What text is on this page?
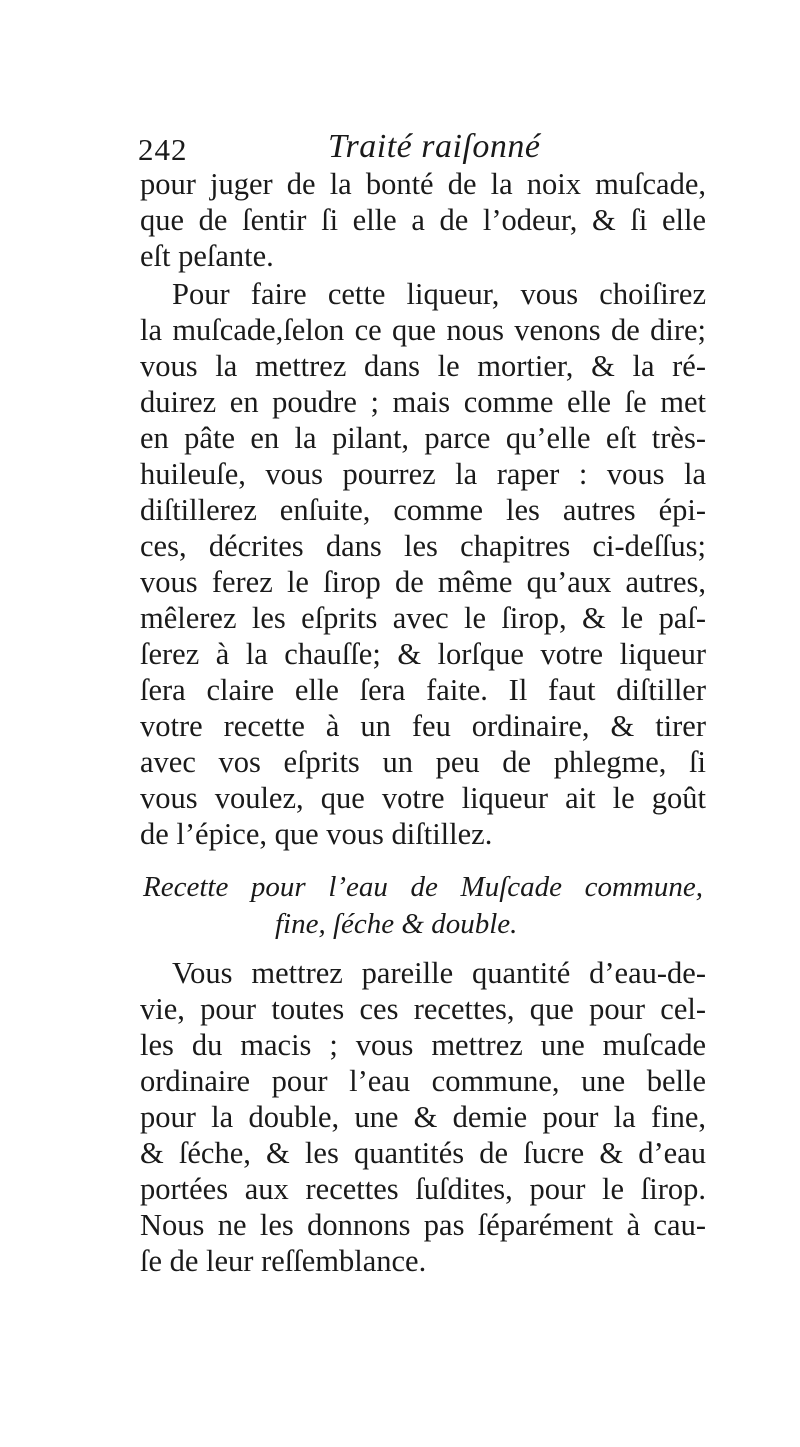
242	Traité raiſonné
pour juger de la bonté de la noix muſcade,
que de ſentir ſi elle a de l’odeur, & ſi elle
eſt peſante.
Pour faire cette liqueur, vous choiſirez
la muſcade,ſelon ce que nous venons de dire;
vous la mettrez dans le mortier, & la ré-
duirez en poudre ; mais comme elle ſe met
en pâte en la pilant, parce qu’elle eſt très-
huileuſe, vous pourrez la raper : vous la
diſtillerez enſuite, comme les autres épi-
ces, décrites dans les chapitres ci-deſſus;
vous ferez le ſirop de même qu’aux autres,
mêlerez les eſprits avec le ſirop, & le paſ-
ſerez à la chauſſe; & lorſque votre liqueur
ſera claire elle ſera faite. Il faut diſtiller
votre recette à un feu ordinaire, & tirer
avec vos eſprits un peu de phlegme, ſi
vous voulez, que votre liqueur ait le goût
de l’épice, que vous diſtillez.
Recette pour l’eau de Muſcade commune,
fine, ſéche & double.
Vous mettrez pareille quantité d’eau-de-
vie, pour toutes ces recettes, que pour cel-
les du macis ; vous mettrez une muſcade
ordinaire pour l’eau commune, une belle
pour la double, une & demie pour la fine,
& ſéche, & les quantités de ſucre & d’eau
portées aux recettes ſuſdites, pour le ſirop.
Nous ne les donnons pas ſéparément à cau-
ſe de leur reſſemblance.
